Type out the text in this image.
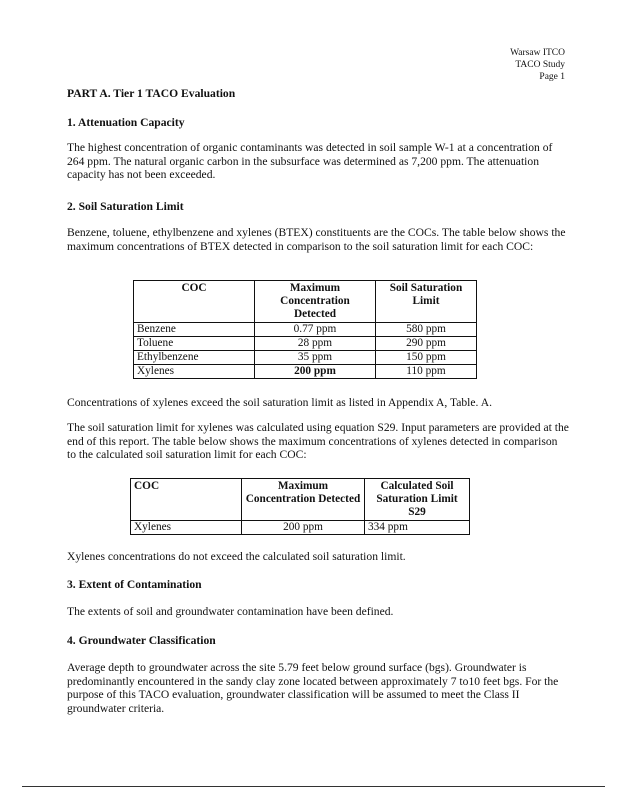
Warsaw ITCO
TACO Study
Page 1
PART A. Tier 1 TACO Evaluation
1. Attenuation Capacity
The highest concentration of organic contaminants was detected in soil sample W-1 at a concentration of 264 ppm. The natural organic carbon in the subsurface was determined as 7,200 ppm. The attenuation capacity has not been exceeded.
2. Soil Saturation Limit
Benzene, toluene, ethylbenzene and xylenes (BTEX) constituents are the COCs. The table below shows the maximum concentrations of BTEX detected in comparison to the soil saturation limit for each COC:
COC	Maximum Concentration Detected	Soil Saturation Limit
Benzene	0.77 ppm	580 ppm
Toluene	28 ppm	290 ppm
Ethylbenzene	35 ppm	150 ppm
Xylenes	200 ppm	110 ppm
Concentrations of xylenes exceed the soil saturation limit as listed in Appendix A, Table. A.
The soil saturation limit for xylenes was calculated using equation S29. Input parameters are provided at the end of this report. The table below shows the maximum concentrations of xylenes detected in comparison to the calculated soil saturation limit for each COC:
COC	Maximum Concentration Detected	Calculated Soil Saturation Limit S29
Xylenes	200 ppm	334 ppm
Xylenes concentrations do not exceed the calculated soil saturation limit.
3. Extent of Contamination
The extents of soil and groundwater contamination have been defined.
4. Groundwater Classification
Average depth to groundwater across the site 5.79 feet below ground surface (bgs). Groundwater is predominantly encountered in the sandy clay zone located between approximately 7 to10 feet bgs. For the purpose of this TACO evaluation, groundwater classification will be assumed to meet the Class II groundwater criteria.
